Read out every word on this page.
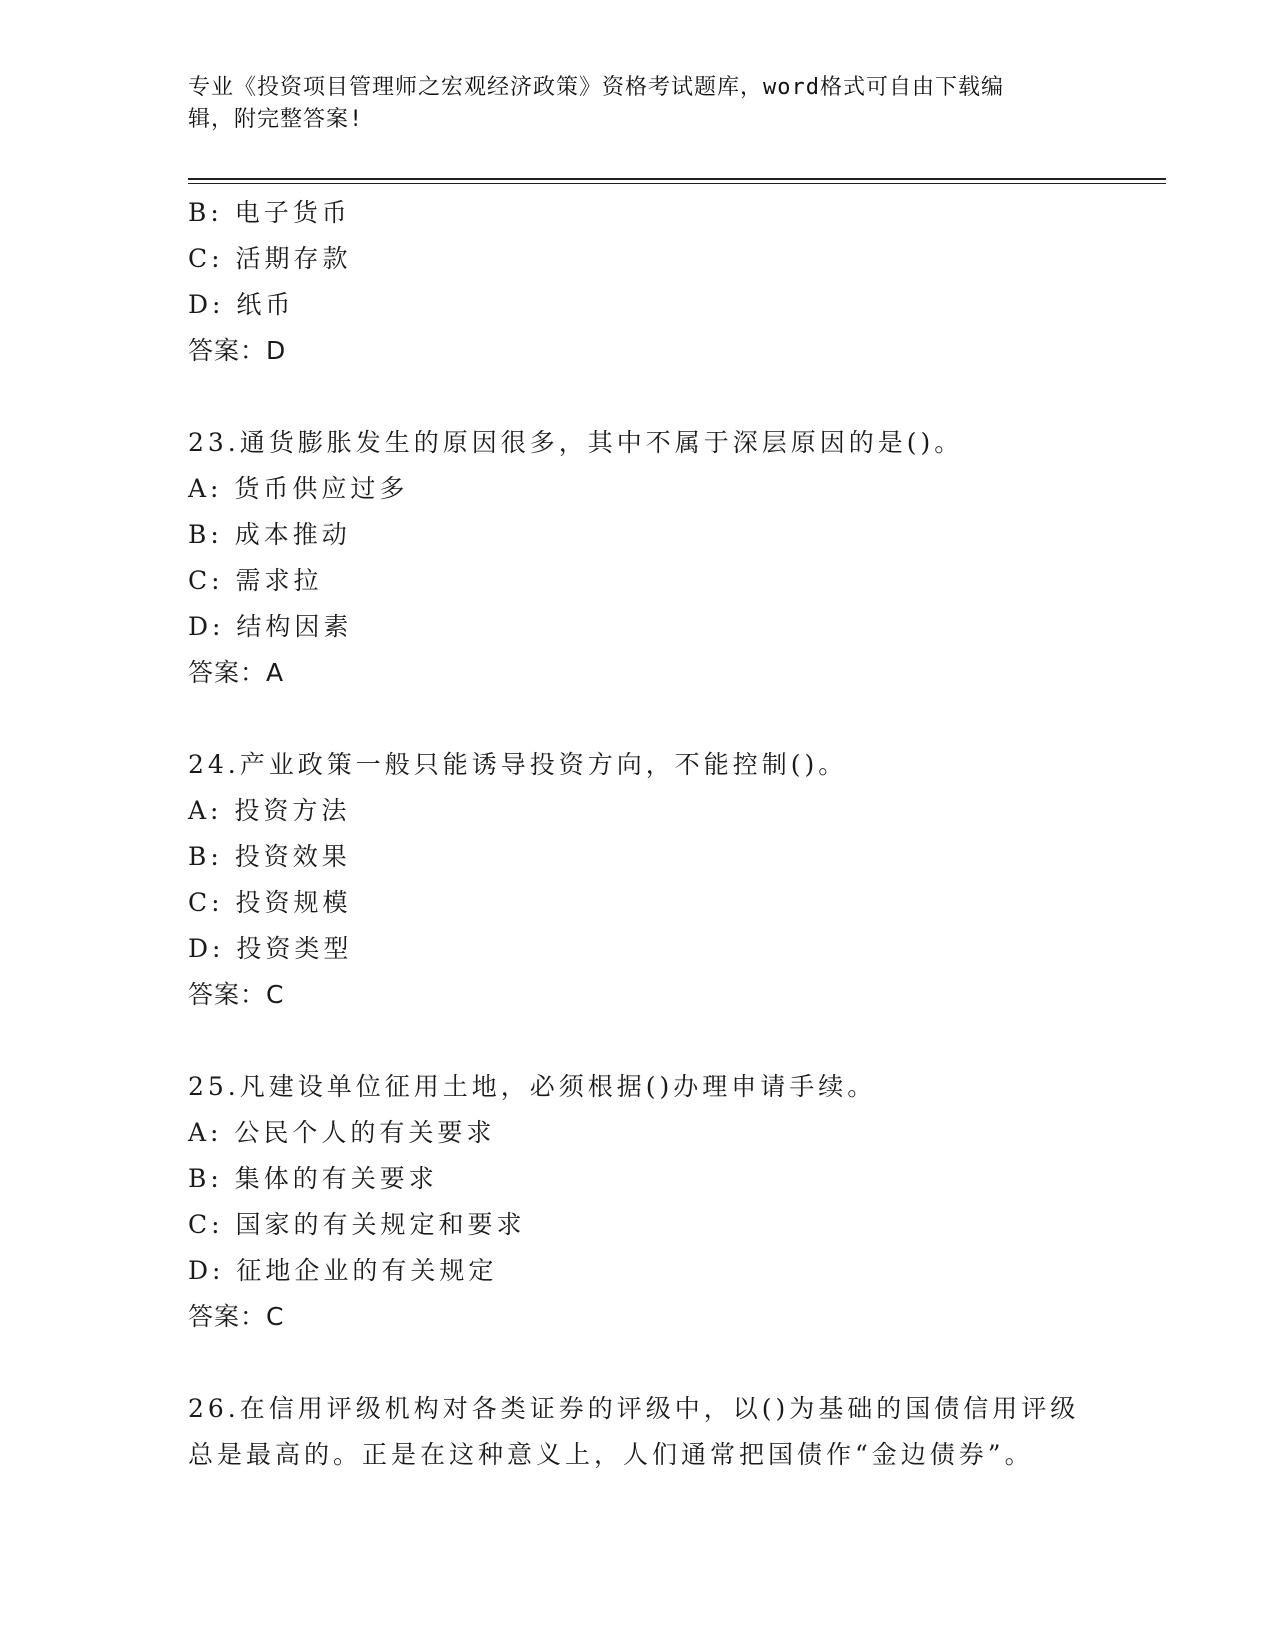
专业《投资项目管理师之宏观经济政策》资格考试题库，word格式可自由下载编
辑，附完整答案!
B: 电子货币
C: 活期存款
D: 纸币
答案：D
23.通货膨胀发生的原因很多，其中不属于深层原因的是()。
A: 货币供应过多
B: 成本推动
C: 需求拉
D: 结构因素
答案：A
24.产业政策一般只能诱导投资方向，不能控制()。
A: 投资方法
B: 投资效果
C: 投资规模
D: 投资类型
答案：C
25.凡建设单位征用土地，必须根据()办理申请手续。
A: 公民个人的有关要求
B: 集体的有关要求
C: 国家的有关规定和要求
D: 征地企业的有关规定
答案：C
26.在信用评级机构对各类证券的评级中，以()为基础的国债信用评级
总是最高的。正是在这种意义上，人们通常把国债作“金边债券”。
